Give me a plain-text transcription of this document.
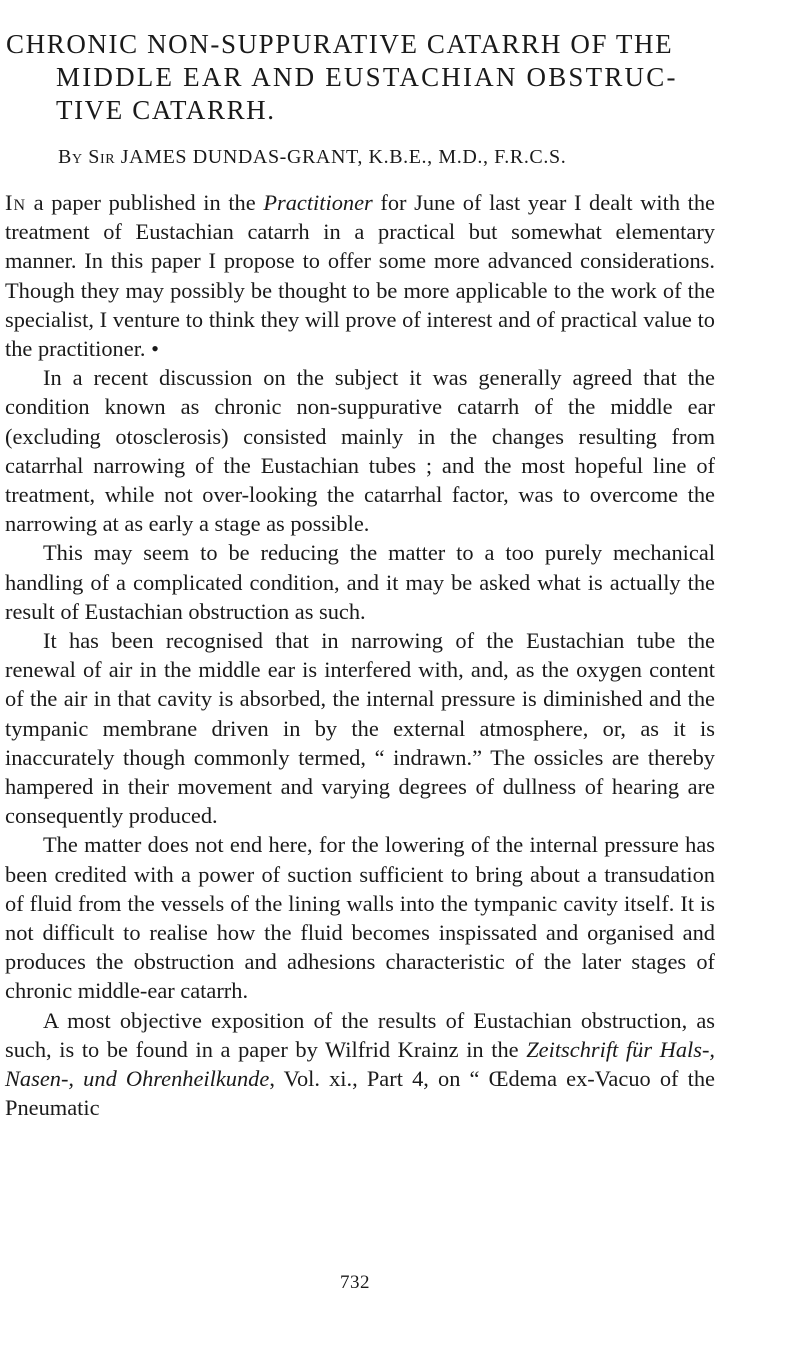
CHRONIC NON-SUPPURATIVE CATARRH OF THE
MIDDLE EAR AND EUSTACHIAN OBSTRUC-
TIVE CATARRH.
By Sir JAMES DUNDAS-GRANT, K.B.E., M.D., F.R.C.S.

In a paper published in the Practitioner for June of last year I dealt with the treatment of Eustachian catarrh in a practical but somewhat elementary manner. In this paper I propose to offer some more advanced considerations. Though they may possibly be thought to be more applicable to the work of the specialist, I venture to think they will prove of interest and of practical value to the practitioner. •

In a recent discussion on the subject it was generally agreed that the condition known as chronic non-suppurative catarrh of the middle ear (excluding otosclerosis) consisted mainly in the changes resulting from catarrhal narrowing of the Eustachian tubes ; and the most hopeful line of treatment, while not over-looking the catarrhal factor, was to overcome the narrowing at as early a stage as possible.

This may seem to be reducing the matter to a too purely mechanical handling of a complicated condition, and it may be asked what is actually the result of Eustachian obstruction as such.

It has been recognised that in narrowing of the Eustachian tube the renewal of air in the middle ear is interfered with, and, as the oxygen content of the air in that cavity is absorbed, the internal pressure is diminished and the tympanic membrane driven in by the external atmosphere, or, as it is inaccurately though commonly termed, “ indrawn.” The ossicles are thereby hampered in their movement and varying degrees of dullness of hearing are consequently produced.

The matter does not end here, for the lowering of the internal pressure has been credited with a power of suction sufficient to bring about a transudation of fluid from the vessels of the lining walls into the tympanic cavity itself. It is not difficult to realise how the fluid becomes inspissated and organised and produces the obstruction and adhesions characteristic of the later stages of chronic middle-ear catarrh.

A most objective exposition of the results of Eustachian obstruction, as such, is to be found in a paper by Wilfrid Krainz in the Zeitschrift für Hals-, Nasen-, und Ohrenheilkunde, Vol. xi., Part 4, on “ Œdema ex-Vacuo of the Pneumatic

732
